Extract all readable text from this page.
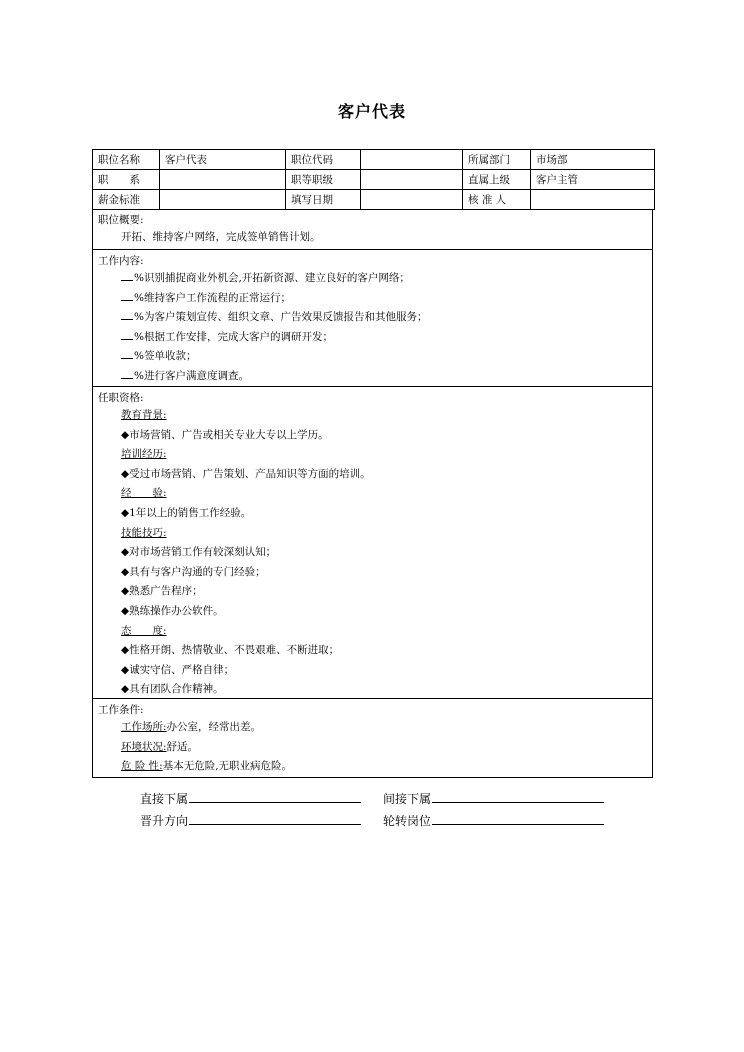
客户代表
职位名称	客户代表	职位代码		所属部门	市场部
职　　系		职等职级		直属上级	客户主管
薪金标准		填写日期		核 准 人	
职位概要:
开拓、维持客户网络，完成签单销售计划。
工作内容:
%识别捕捉商业外机会,开拓新资源、建立良好的客户网络；
%维持客户工作流程的正常运行；
%为客户策划宣传、组织文章、广告效果反馈报告和其他服务；
%根据工作安排，完成大客户的调研开发；
%签单收款；
%进行客户满意度调查。
任职资格:
教育背景:
◆市场营销、广告或相关专业大专以上学历。
培训经历:
◆受过市场营销、广告策划、产品知识等方面的培训。
经　　验:
◆1年以上的销售工作经验。
技能技巧:
◆对市场营销工作有较深刻认知；
◆具有与客户沟通的专门经验；
◆熟悉广告程序；
◆熟练操作办公软件。
态　　度:
◆性格开朗、热情敬业、不畏艰难、不断进取；
◆诚实守信、严格自律；
◆具有团队合作精神。
工作条件:
工作场所:办公室，经常出差。
环境状况:舒适。
危 险 性:基本无危险,无职业病危险。
直接下属	间接下属
晋升方向	轮转岗位
